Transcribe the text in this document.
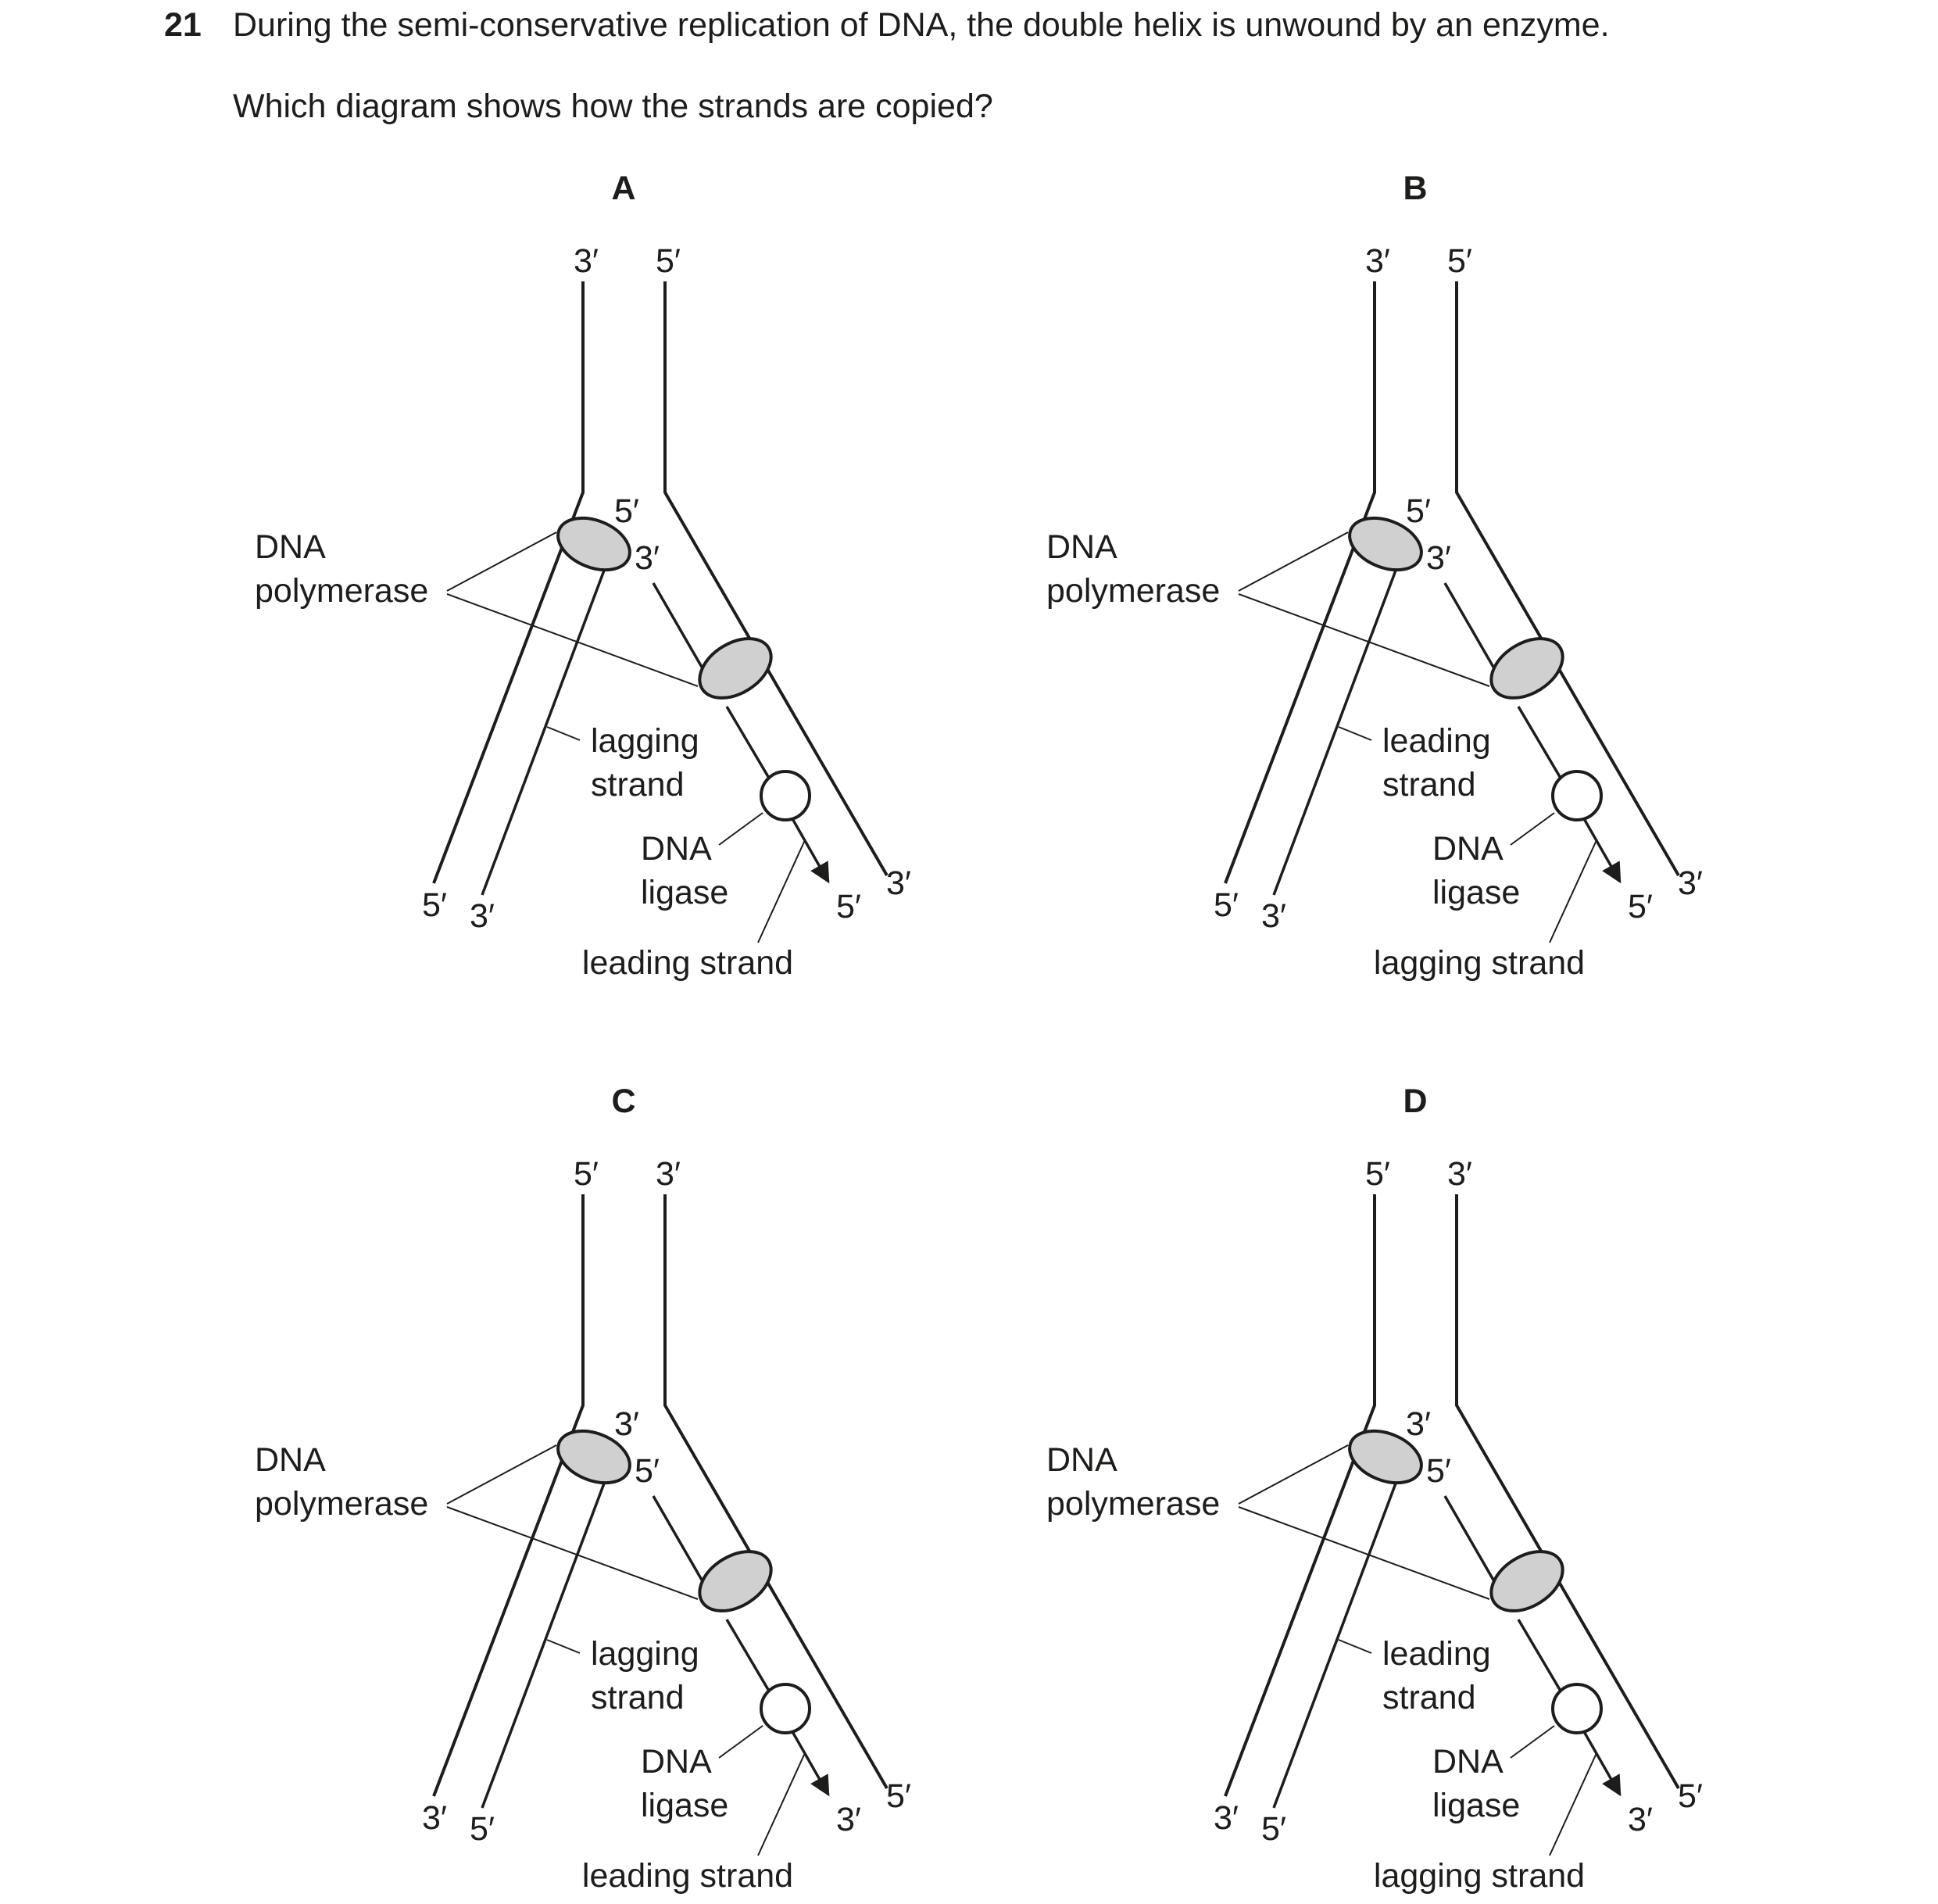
21 During the semi-conservative replication of DNA, the double helix is unwound by an enzyme.
Which diagram shows how the strands are copied?
A
3′ 5′
5′
3′
DNA
polymerase
lagging
strand
DNA
ligase
5′ 3′	5′
3′
leading strand
B
3′ 5′
5′
3′
DNA
polymerase
leading
strand
DNA
ligase
5′ 3′	5′
3′
lagging strand
C
5′ 3′
3′
5′
DNA
polymerase
lagging
strand
DNA
ligase
3′ 5′	3′
5′
leading strand
D
5′ 3′
3′
5′
DNA
polymerase
leading
strand
DNA
ligase
3′ 5′	3′
5′
lagging strand
